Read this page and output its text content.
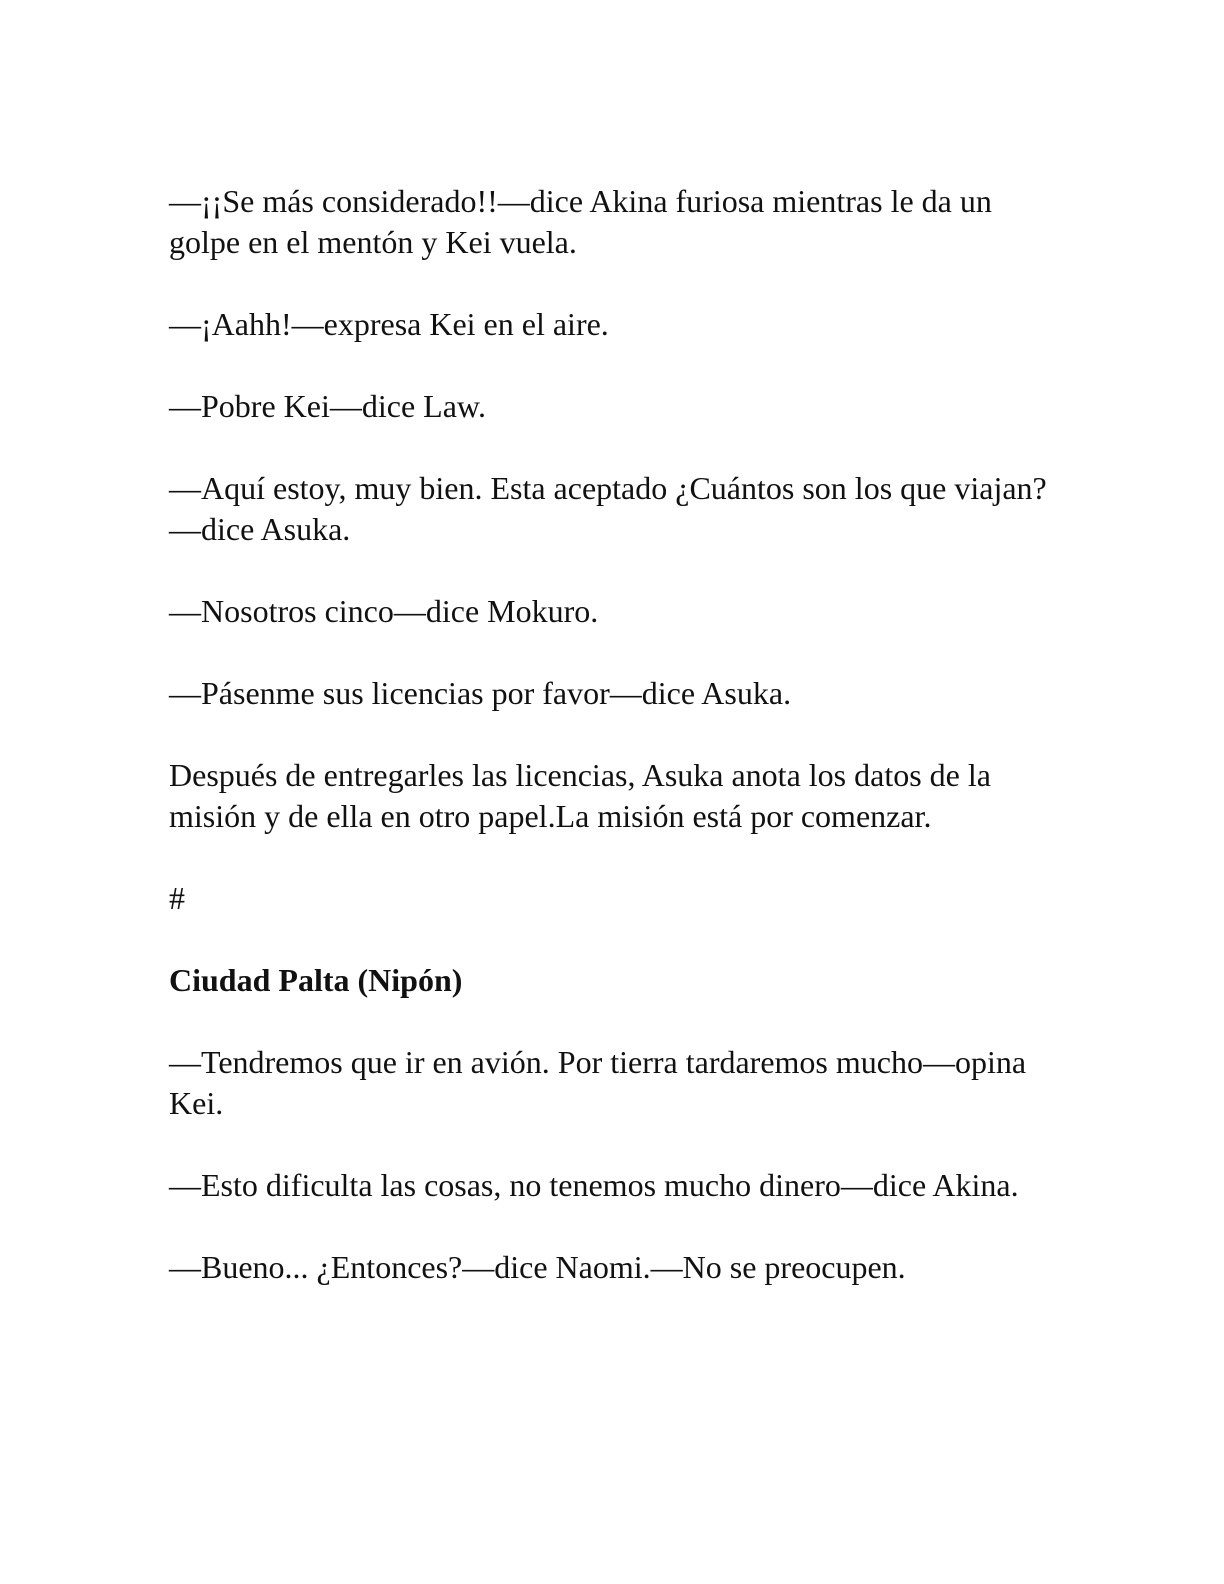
—¡¡Se más considerado!!—dice Akina furiosa mientras le da un golpe en el mentón y Kei vuela.

—¡Aahh!—expresa Kei en el aire.

—Pobre Kei—dice Law.

—Aquí estoy, muy bien. Esta aceptado ¿Cuántos son los que viajan?—dice Asuka.

—Nosotros cinco—dice Mokuro.

—Pásenme sus licencias por favor—dice Asuka.

Después de entregarles las licencias, Asuka anota los datos de la misión y de ella en otro papel.La misión está por comenzar.

#

Ciudad Palta (Nipón)

—Tendremos que ir en avión. Por tierra tardaremos mucho—opina Kei.

—Esto dificulta las cosas, no tenemos mucho dinero—dice Akina.

—Bueno... ¿Entonces?—dice Naomi.—No se preocupen.
